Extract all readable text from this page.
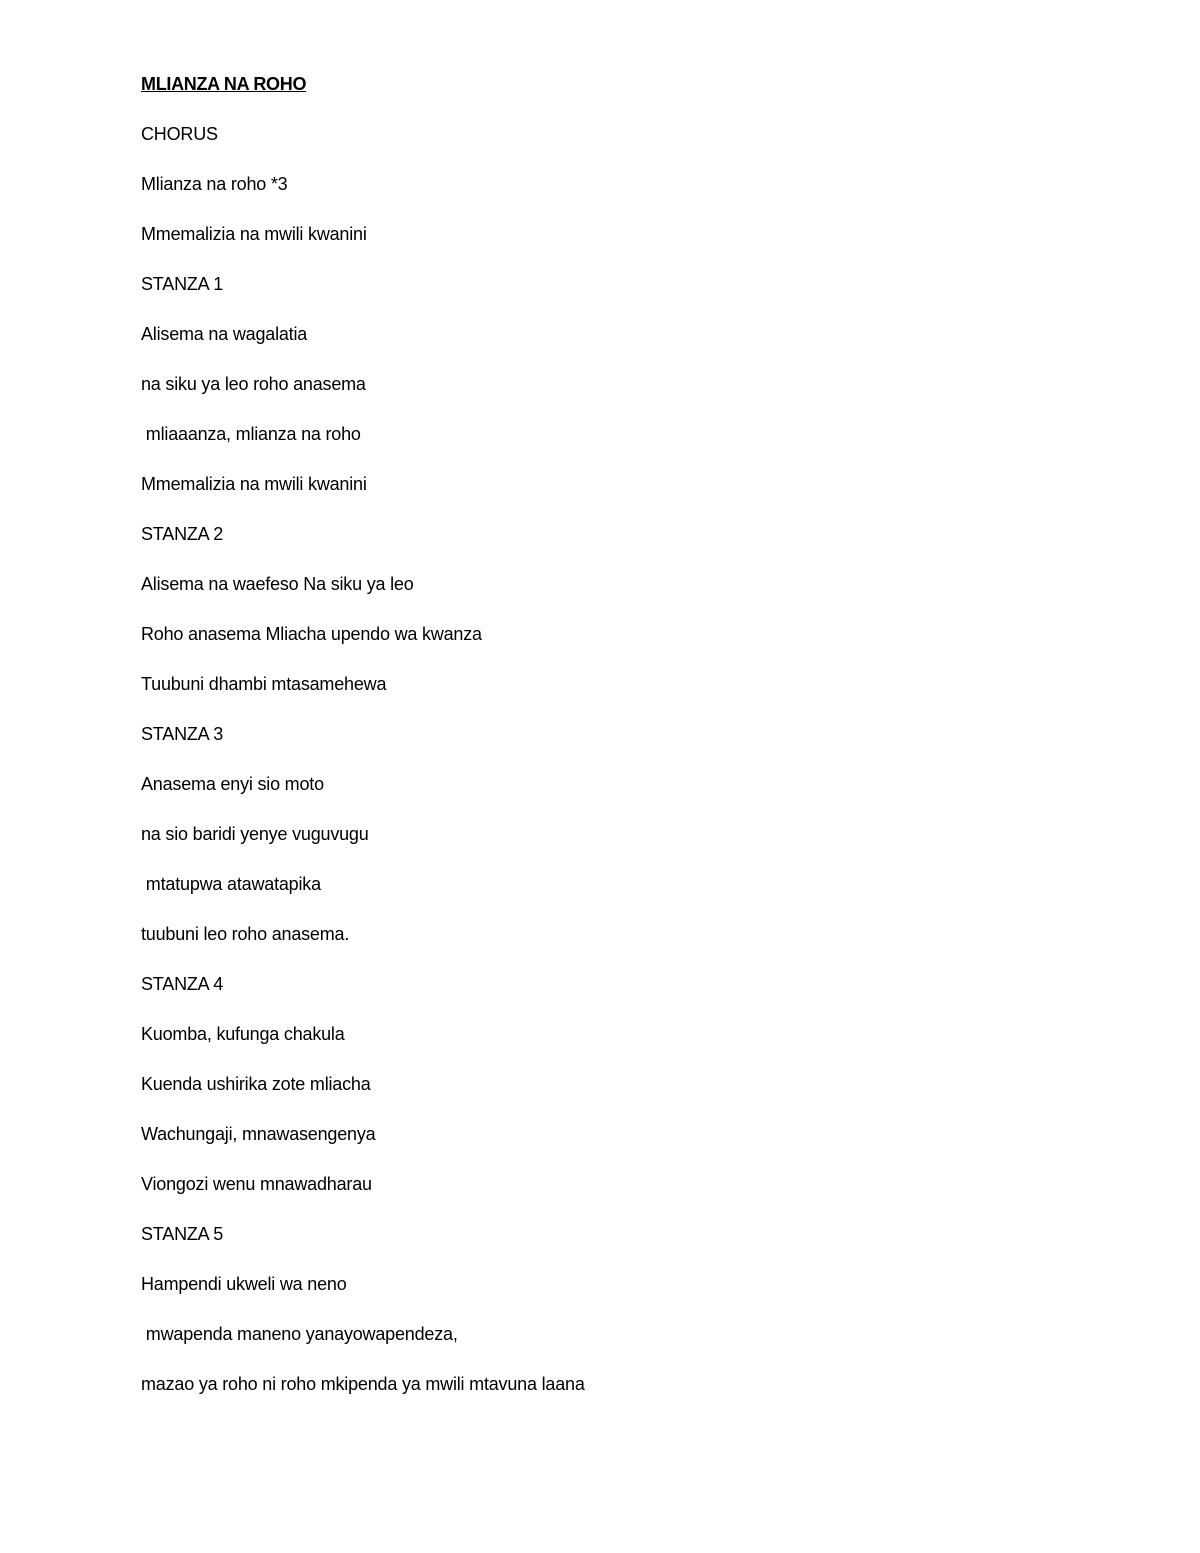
MLIANZA NA ROHO
CHORUS
Mlianza na roho *3
Mmemalizia na mwili kwanini
STANZA 1
Alisema na wagalatia
na siku ya leo roho anasema
mliaaanza, mlianza na roho
Mmemalizia na mwili kwanini
STANZA 2
Alisema na waefeso Na siku ya leo
Roho anasema Mliacha upendo wa kwanza
Tuubuni dhambi mtasamehewa
STANZA 3
Anasema enyi sio moto
na sio baridi yenye vuguvugu
mtatupwa atawatapika
tuubuni leo roho anasema.
STANZA 4
Kuomba, kufunga chakula
Kuenda ushirika zote mliacha
Wachungaji, mnawasengenya
Viongozi wenu mnawadharau
STANZA 5
Hampendi ukweli wa neno
mwapenda maneno yanayowapendeza,
mazao ya roho ni roho mkipenda ya mwili mtavuna laana
